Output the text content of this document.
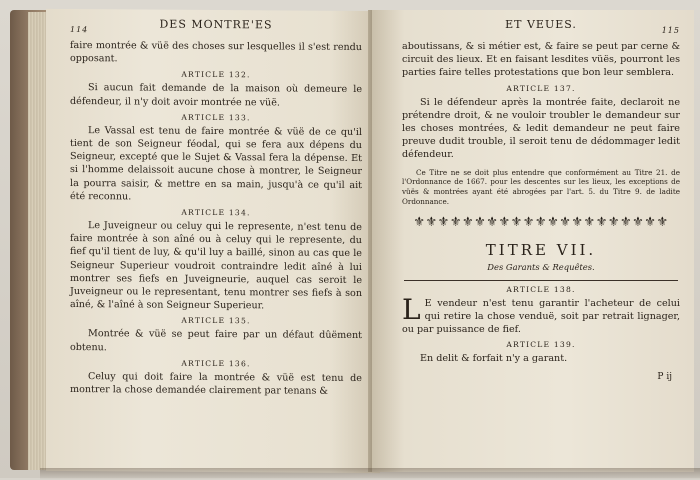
114	DES MONTRE'ES

faire montrée & vüë des choses sur lesquelles il s'est rendu opposant.

ARTICLE 132.

Si aucun fait demande de la maison où demeure le défendeur, il n'y doit avoir montrée ne vüë.

ARTICLE 133.

Le Vassal est tenu de faire montrée & vüë de ce qu'il tient de son Seigneur féodal, qui se fera aux dépens du Seigneur, excepté que le Sujet & Vassal fera la dépense. Et si l'homme delaissoit aucune chose à montrer, le Seigneur la pourra saisir, & mettre en sa main, jusqu'à ce qu'il ait été reconnu.

ARTICLE 134.

Le Juveigneur ou celuy qui le represente, n'est tenu de faire montrée à son aîné ou à celuy qui le represente, du fief qu'il tient de luy, & qu'il luy a baillé, sinon au cas que le Seigneur Superieur voudroit contraindre ledit aîné à lui montrer ses fiefs en Juveigneurie, auquel cas seroit le Juveigneur ou le representant, tenu montrer ses fiefs à son aîné, & l'aîné à son Seigneur Superieur.

ARTICLE 135.

Montrée & vüë se peut faire par un défaut dûëment obtenu.

ARTICLE 136.

Celuy qui doit faire la montrée & vüë est tenu de montrer la chose demandée clairement par tenans &

ET VEUES.	115

aboutissans, & si métier est, & faire se peut par cerne & circuit des lieux. Et en faisant lesdites vüës, pourront les parties faire telles protestations que bon leur semblera.

ARTICLE 137.

Si le défendeur après la montrée faite, declaroit ne prétendre droit, & ne vouloir troubler le demandeur sur les choses montrées, & ledit demandeur ne peut faire preuve dudit trouble, il seroit tenu de dédommager ledit défendeur.

Ce Titre ne se doit plus entendre que conformément au Titre 21. de l'Ordonnance de 1667. pour les descentes sur les lieux, les exceptions de vüës & montrées ayant été abrogées par l'art. 5. du Titre 9. de ladite Ordonnance.

⚜⚜⚜⚜⚜⚜⚜⚜⚜⚜⚜⚜⚜⚜⚜⚜⚜⚜⚜⚜⚜
TITRE VII.
Des Garants & Requêtes.
ARTICLE 138.
L E vendeur n'est tenu garantir l'acheteur de celui qui retire la chose venduë, soit par retrait lignager, ou par puissance de fief.

ARTICLE 139.

En delit & forfait n'y a garant.

P ij
